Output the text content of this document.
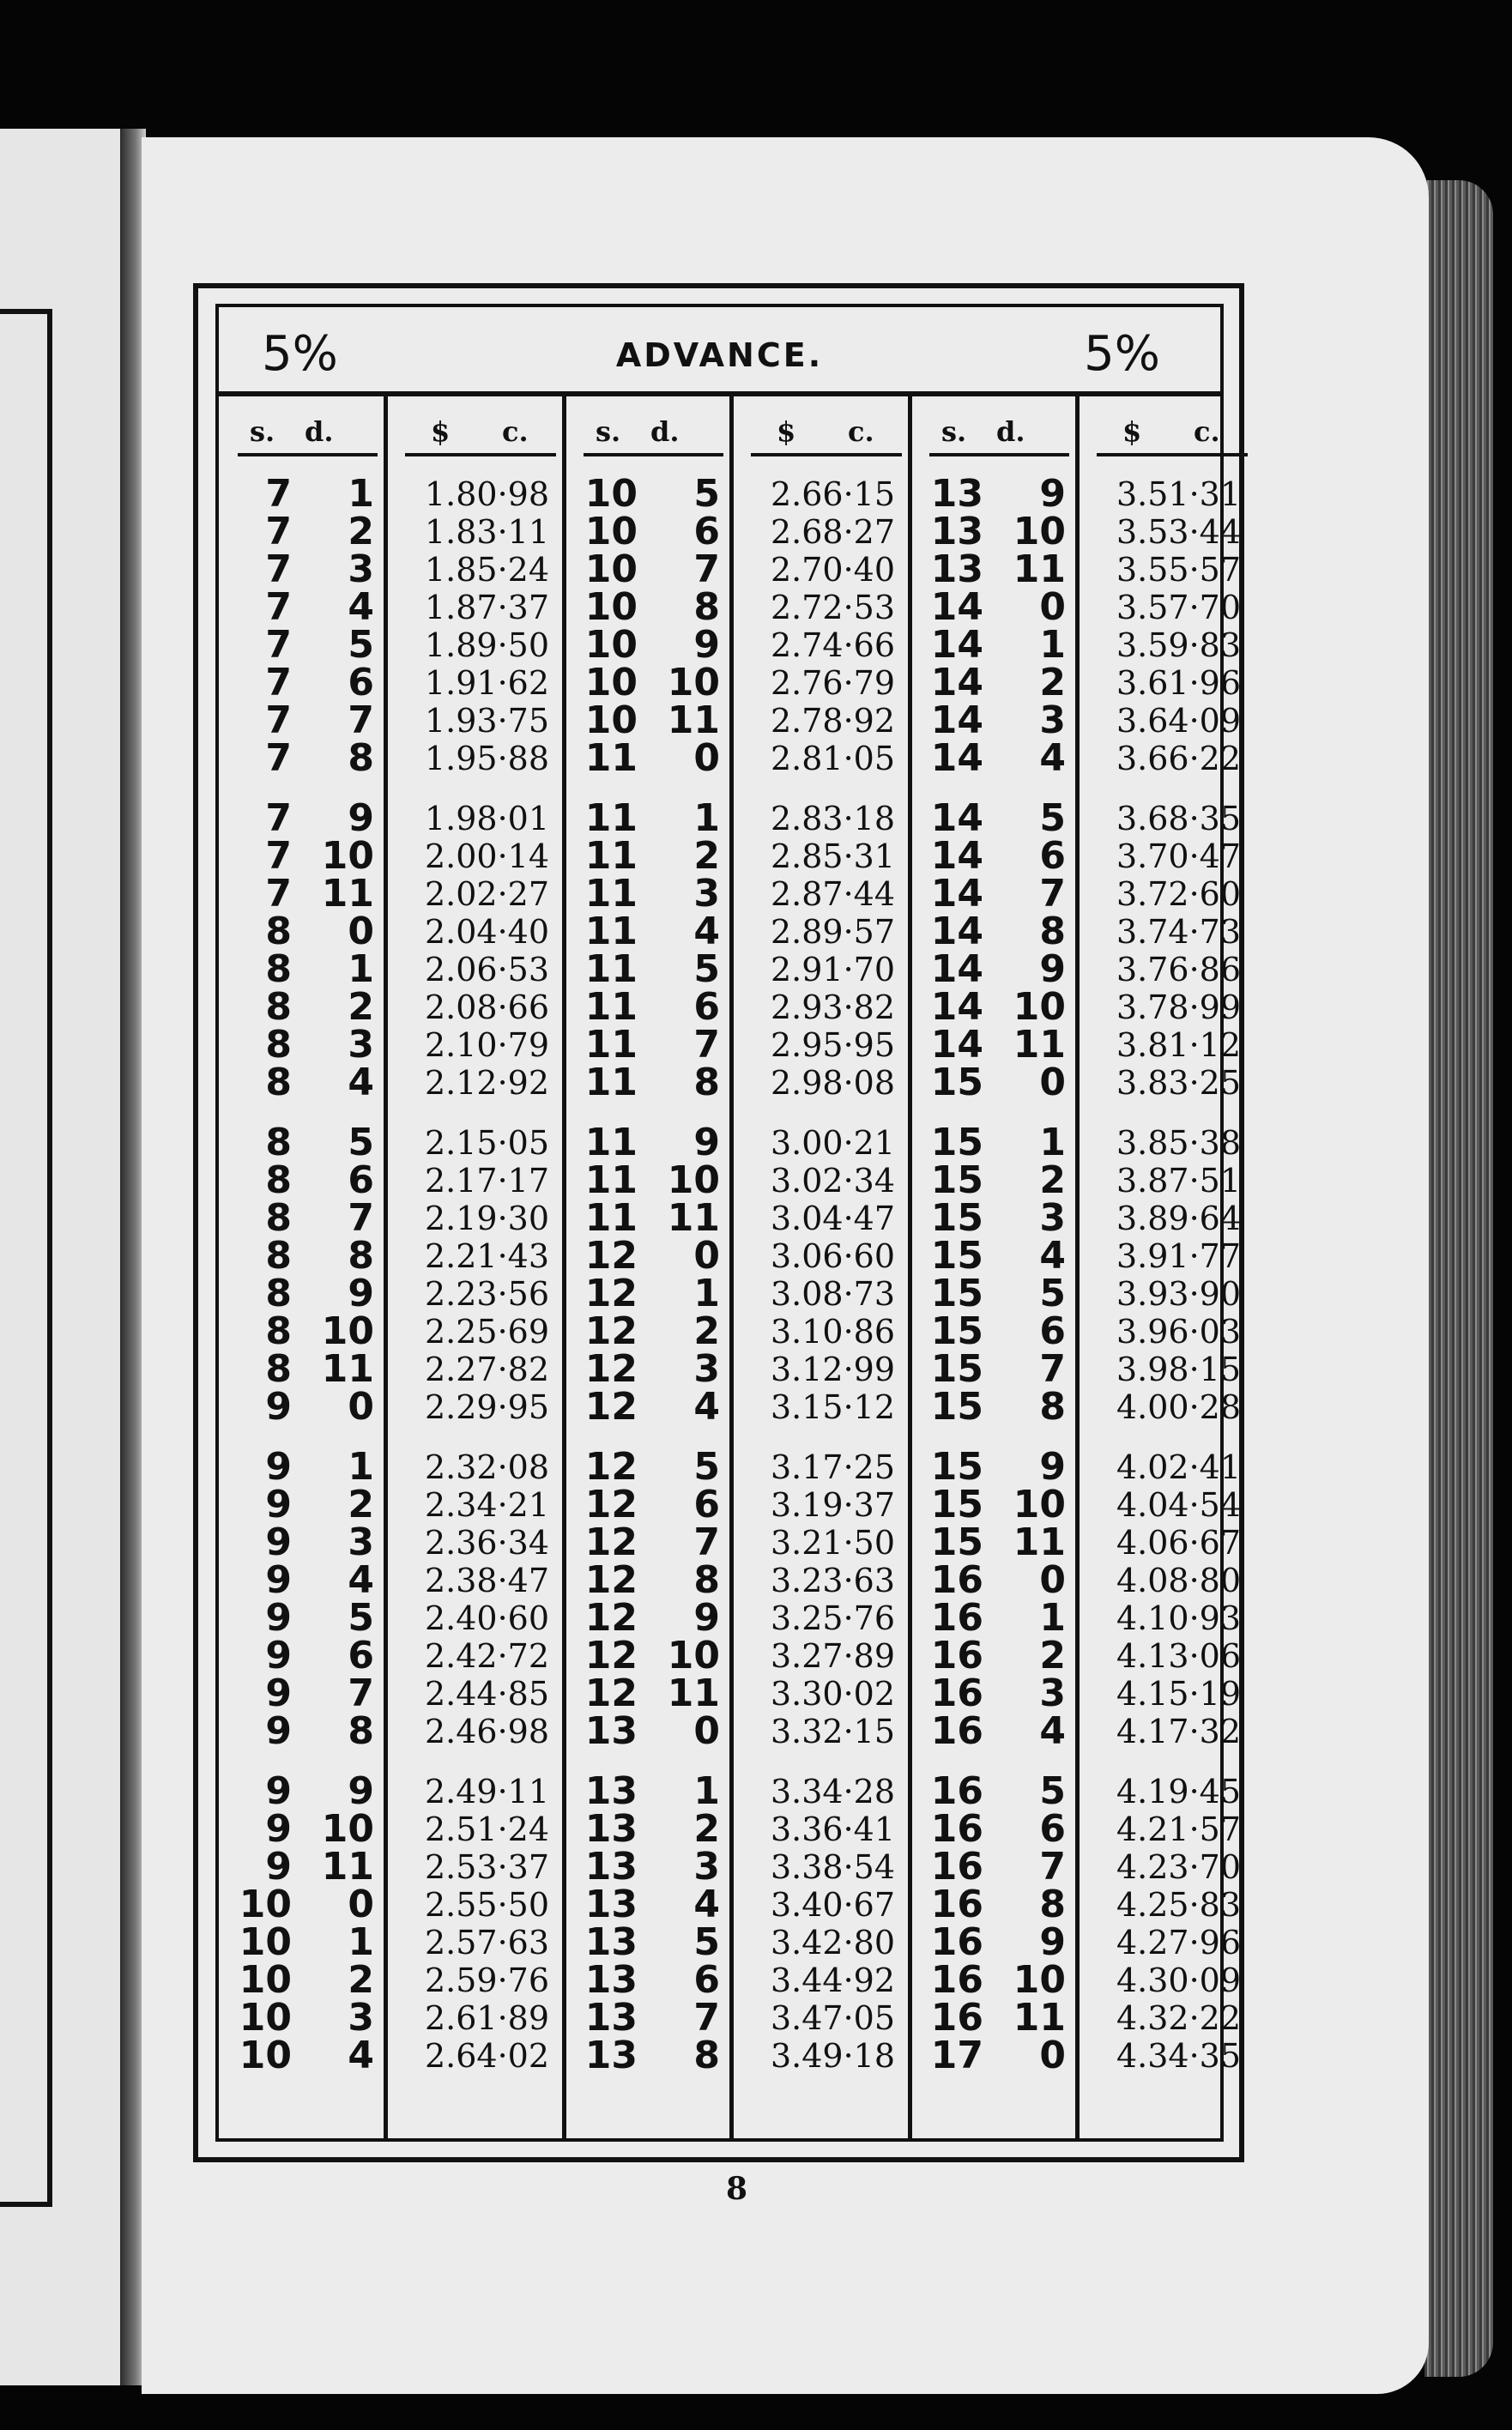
5%	ADVANCE.	5%
s. d.
7 1
7 2
7 3
7 4
7 5
7 6
7 7
7 8
7 9
7 10
7 11
8 0
8 1
8 2
8 3
8 4
8 5
8 6
8 7
8 8
8 9
8 10
8 11
9 0
9 1
9 2
9 3
9 4
9 5
9 6
9 7
9 8
9 9
9 10
9 11
10 0
10 1
10 2
10 3
10 4
$ c.
1.80·98
1.83·11
1.85·24
1.87·37
1.89·50
1.91·62
1.93·75
1.95·88
1.98·01
2.00·14
2.02·27
2.04·40
2.06·53
2.08·66
2.10·79
2.12·92
2.15·05
2.17·17
2.19·30
2.21·43
2.23·56
2.25·69
2.27·82
2.29·95
2.32·08
2.34·21
2.36·34
2.38·47
2.40·60
2.42·72
2.44·85
2.46·98
2.49·11
2.51·24
2.53·37
2.55·50
2.57·63
2.59·76
2.61·89
2.64·02
s. d.
10 5
10 6
10 7
10 8
10 9
10 10
10 11
11 0
11 1
11 2
11 3
11 4
11 5
11 6
11 7
11 8
11 9
11 10
11 11
12 0
12 1
12 2
12 3
12 4
12 5
12 6
12 7
12 8
12 9
12 10
12 11
13 0
13 1
13 2
13 3
13 4
13 5
13 6
13 7
13 8
$ c.
2.66·15
2.68·27
2.70·40
2.72·53
2.74·66
2.76·79
2.78·92
2.81·05
2.83·18
2.85·31
2.87·44
2.89·57
2.91·70
2.93·82
2.95·95
2.98·08
3.00·21
3.02·34
3.04·47
3.06·60
3.08·73
3.10·86
3.12·99
3.15·12
3.17·25
3.19·37
3.21·50
3.23·63
3.25·76
3.27·89
3.30·02
3.32·15
3.34·28
3.36·41
3.38·54
3.40·67
3.42·80
3.44·92
3.47·05
3.49·18
s. d.
13 9
13 10
13 11
14 0
14 1
14 2
14 3
14 4
14 5
14 6
14 7
14 8
14 9
14 10
14 11
15 0
15 1
15 2
15 3
15 4
15 5
15 6
15 7
15 8
15 9
15 10
15 11
16 0
16 1
16 2
16 3
16 4
16 5
16 6
16 7
16 8
16 9
16 10
16 11
17 0
$ c.
3.51·31
3.53·44
3.55·57
3.57·70
3.59·83
3.61·96
3.64·09
3.66·22
3.68·35
3.70·47
3.72·60
3.74·73
3.76·86
3.78·99
3.81·12
3.83·25
3.85·38
3.87·51
3.89·64
3.91·77
3.93·90
3.96·03
3.98·15
4.00·28
4.02·41
4.04·54
4.06·67
4.08·80
4.10·93
4.13·06
4.15·19
4.17·32
4.19·45
4.21·57
4.23·70
4.25·83
4.27·96
4.30·09
4.32·22
4.34·35
8
